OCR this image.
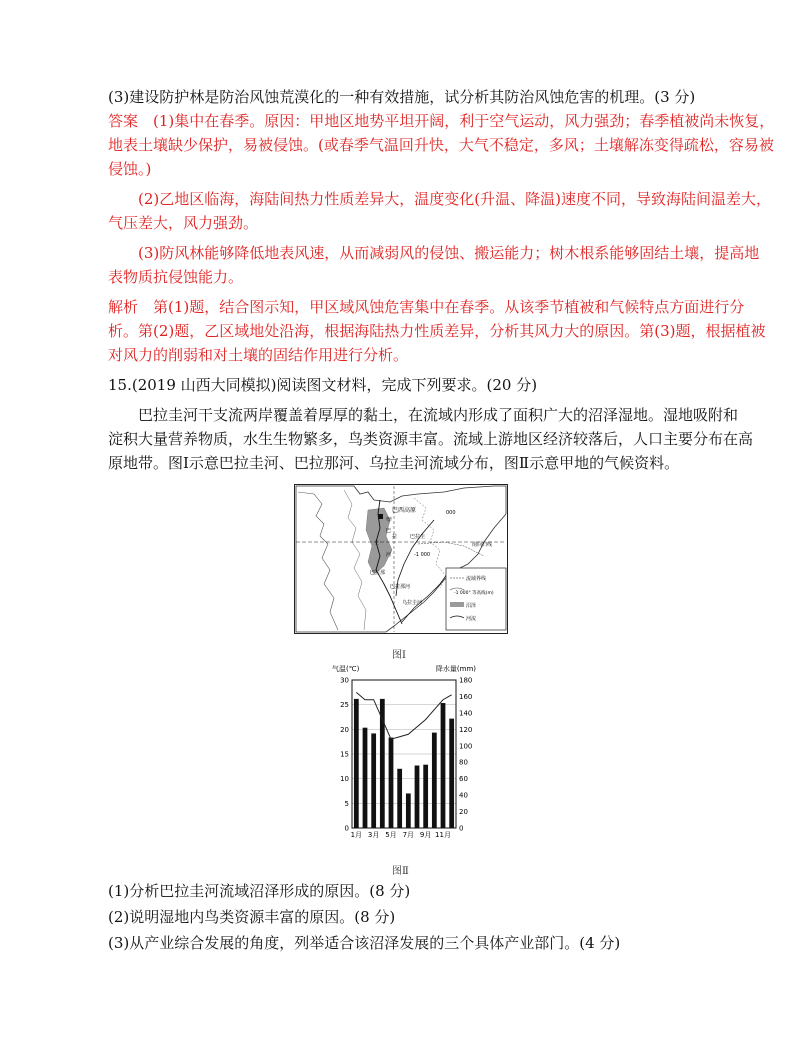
(3)建设防护林是防治风蚀荒漠化的一种有效措施，试分析其防治风蚀危害的机理。(3 分)
答案　(1)集中在春季。原因：甲地区地势平坦开阔，利于空气运动，风力强劲；春季植被尚未恢复，
地表土壤缺少保护，易被侵蚀。(或春季气温回升快，大气不稳定，多风；土壤解冻变得疏松，容易被
侵蚀。)
(2)乙地区临海，海陆间热力性质差异大，温度变化(升温、降温)速度不同，导致海陆间温差大，
气压差大，风力强劲。
(3)防风林能够降低地表风速，从而减弱风的侵蚀、搬运能力；树木根系能够固结土壤，提高地
表物质抗侵蚀能力。
解析　第(1)题，结合图示知，甲区域风蚀危害集中在春季。从该季节植被和气候特点方面进行分
析。第(2)题，乙区域地处沿海，根据海陆热力性质差异，分析其风力大的原因。第(3)题，根据植被
对风力的削弱和对土壤的固结作用进行分析。
15.(2019 山西大同模拟)阅读图文材料，完成下列要求。(20 分)
巴拉圭河干支流两岸覆盖着厚厚的黏土，在流域内形成了面积广大的沼泽湿地。湿地吸附和
淀积大量营养物质，水生生物繁多，鸟类资源丰富。流域上游地区经济较落后，人口主要分布在高
原地带。图Ⅰ示意巴拉圭河、巴拉那河、乌拉圭河流域分布，图Ⅱ示意甲地的气候资料。
巴西高原
甲
巴
拉	巴拉圭
圭
河
巴拉那
000
-1 000
南回归线
巴拉那河
乌拉圭河
流域界线
-1 000° 等高线(m)
沼泽
河流
图Ⅰ
气温(℃)	降水量(mm)
0
5
10
15
20
25
30
0
20
40
60
80
100
120
140
160
180
1月 3月 5月 7月 9月 11月
图Ⅱ
(1)分析巴拉圭河流域沼泽形成的原因。(8 分)
(2)说明湿地内鸟类资源丰富的原因。(8 分)
(3)从产业综合发展的角度，列举适合该沼泽发展的三个具体产业部门。(4 分)
